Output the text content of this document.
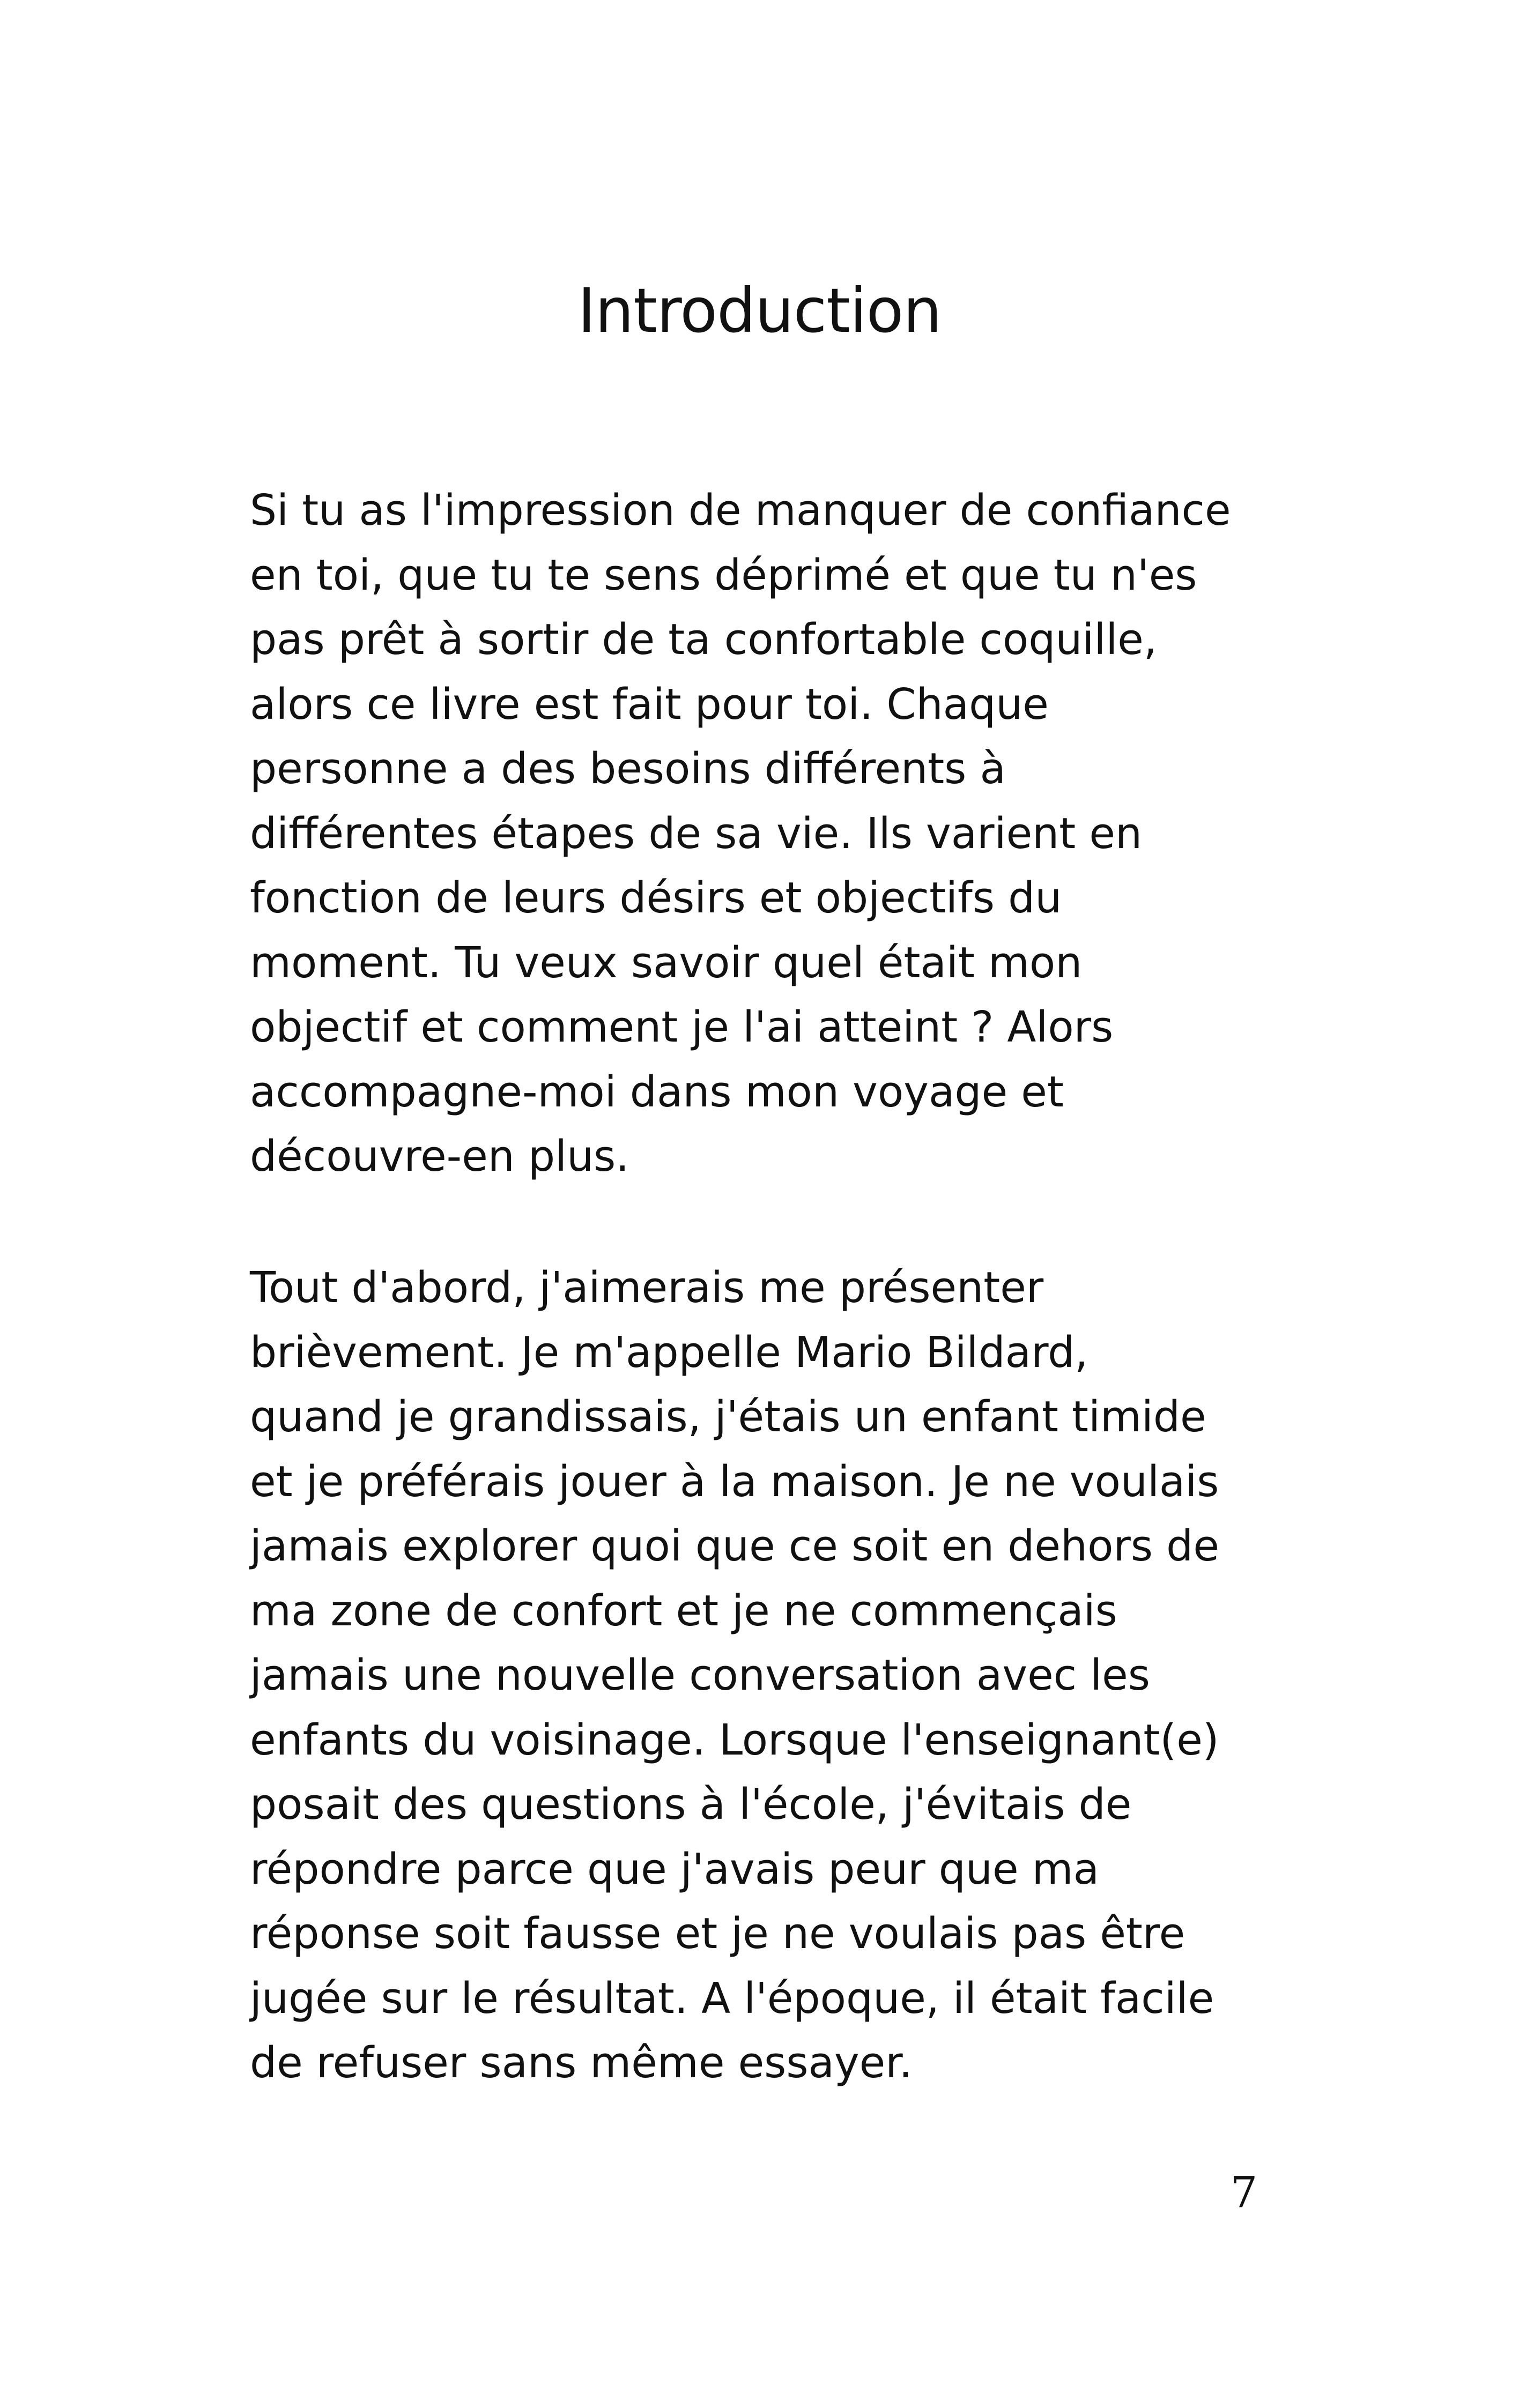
Introduction

Si tu as l'impression de manquer de confiance
en toi, que tu te sens déprimé et que tu n'es
pas prêt à sortir de ta confortable coquille,
alors ce livre est fait pour toi. Chaque
personne a des besoins différents à
différentes étapes de sa vie. Ils varient en
fonction de leurs désirs et objectifs du
moment. Tu veux savoir quel était mon
objectif et comment je l'ai atteint ? Alors
accompagne-moi dans mon voyage et
découvre-en plus.

Tout d'abord, j'aimerais me présenter
brièvement. Je m'appelle Mario Bildard,
quand je grandissais, j'étais un enfant timide
et je préférais jouer à la maison. Je ne voulais
jamais explorer quoi que ce soit en dehors de
ma zone de confort et je ne commençais
jamais une nouvelle conversation avec les
enfants du voisinage. Lorsque l'enseignant(e)
posait des questions à l'école, j'évitais de
répondre parce que j'avais peur que ma
réponse soit fausse et je ne voulais pas être
jugée sur le résultat. A l'époque, il était facile
de refuser sans même essayer.

7
